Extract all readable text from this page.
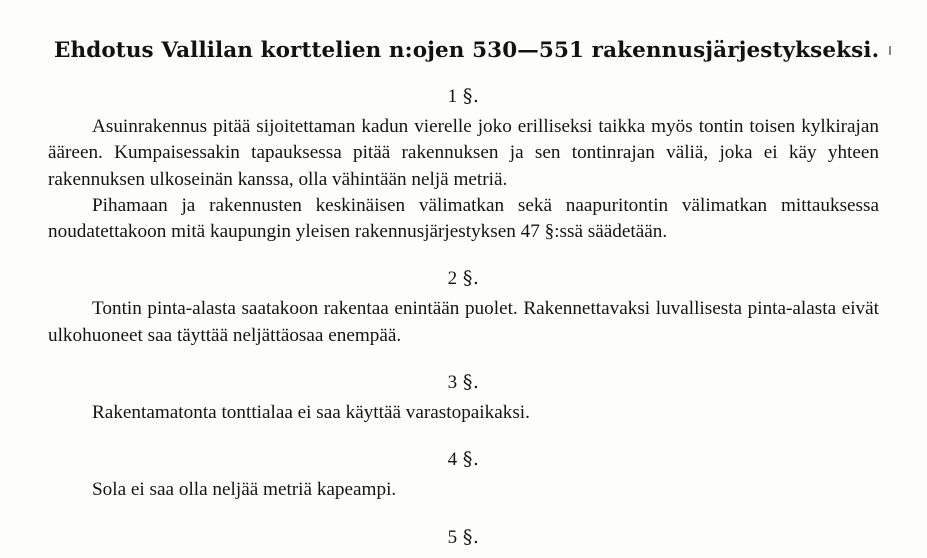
Ehdotus Vallilan korttelien n:ojen 530—551 rakennusjärjestykseksi.
1 §.

Asuinrakennus pitää sijoitettaman kadun vierelle joko erilliseksi taikka myös tontin toisen kylkirajan ääreen. Kumpaisessakin tapauksessa pitää rakennuksen ja sen tontinrajan väliä, joka ei käy yhteen rakennuksen ulkoseinän kanssa, olla vähintään neljä metriä.

Pihamaan ja rakennusten keskinäisen välimatkan sekä naapuritontin välimatkan mittauksessa noudatettakoon mitä kaupungin yleisen rakennusjärjestyksen 47 §:ssä säädetään.

2 §.

Tontin pinta-alasta saatakoon rakentaa enintään puolet. Rakennettavaksi luvallisesta pinta-alasta eivät ulkohuoneet saa täyttää neljättäosaa enempää.

3 §.

Rakentamatonta tonttialaa ei saa käyttää varastopaikaksi.

4 §.

Sola ei saa olla neljää metriä kapeampi.

5 §.
